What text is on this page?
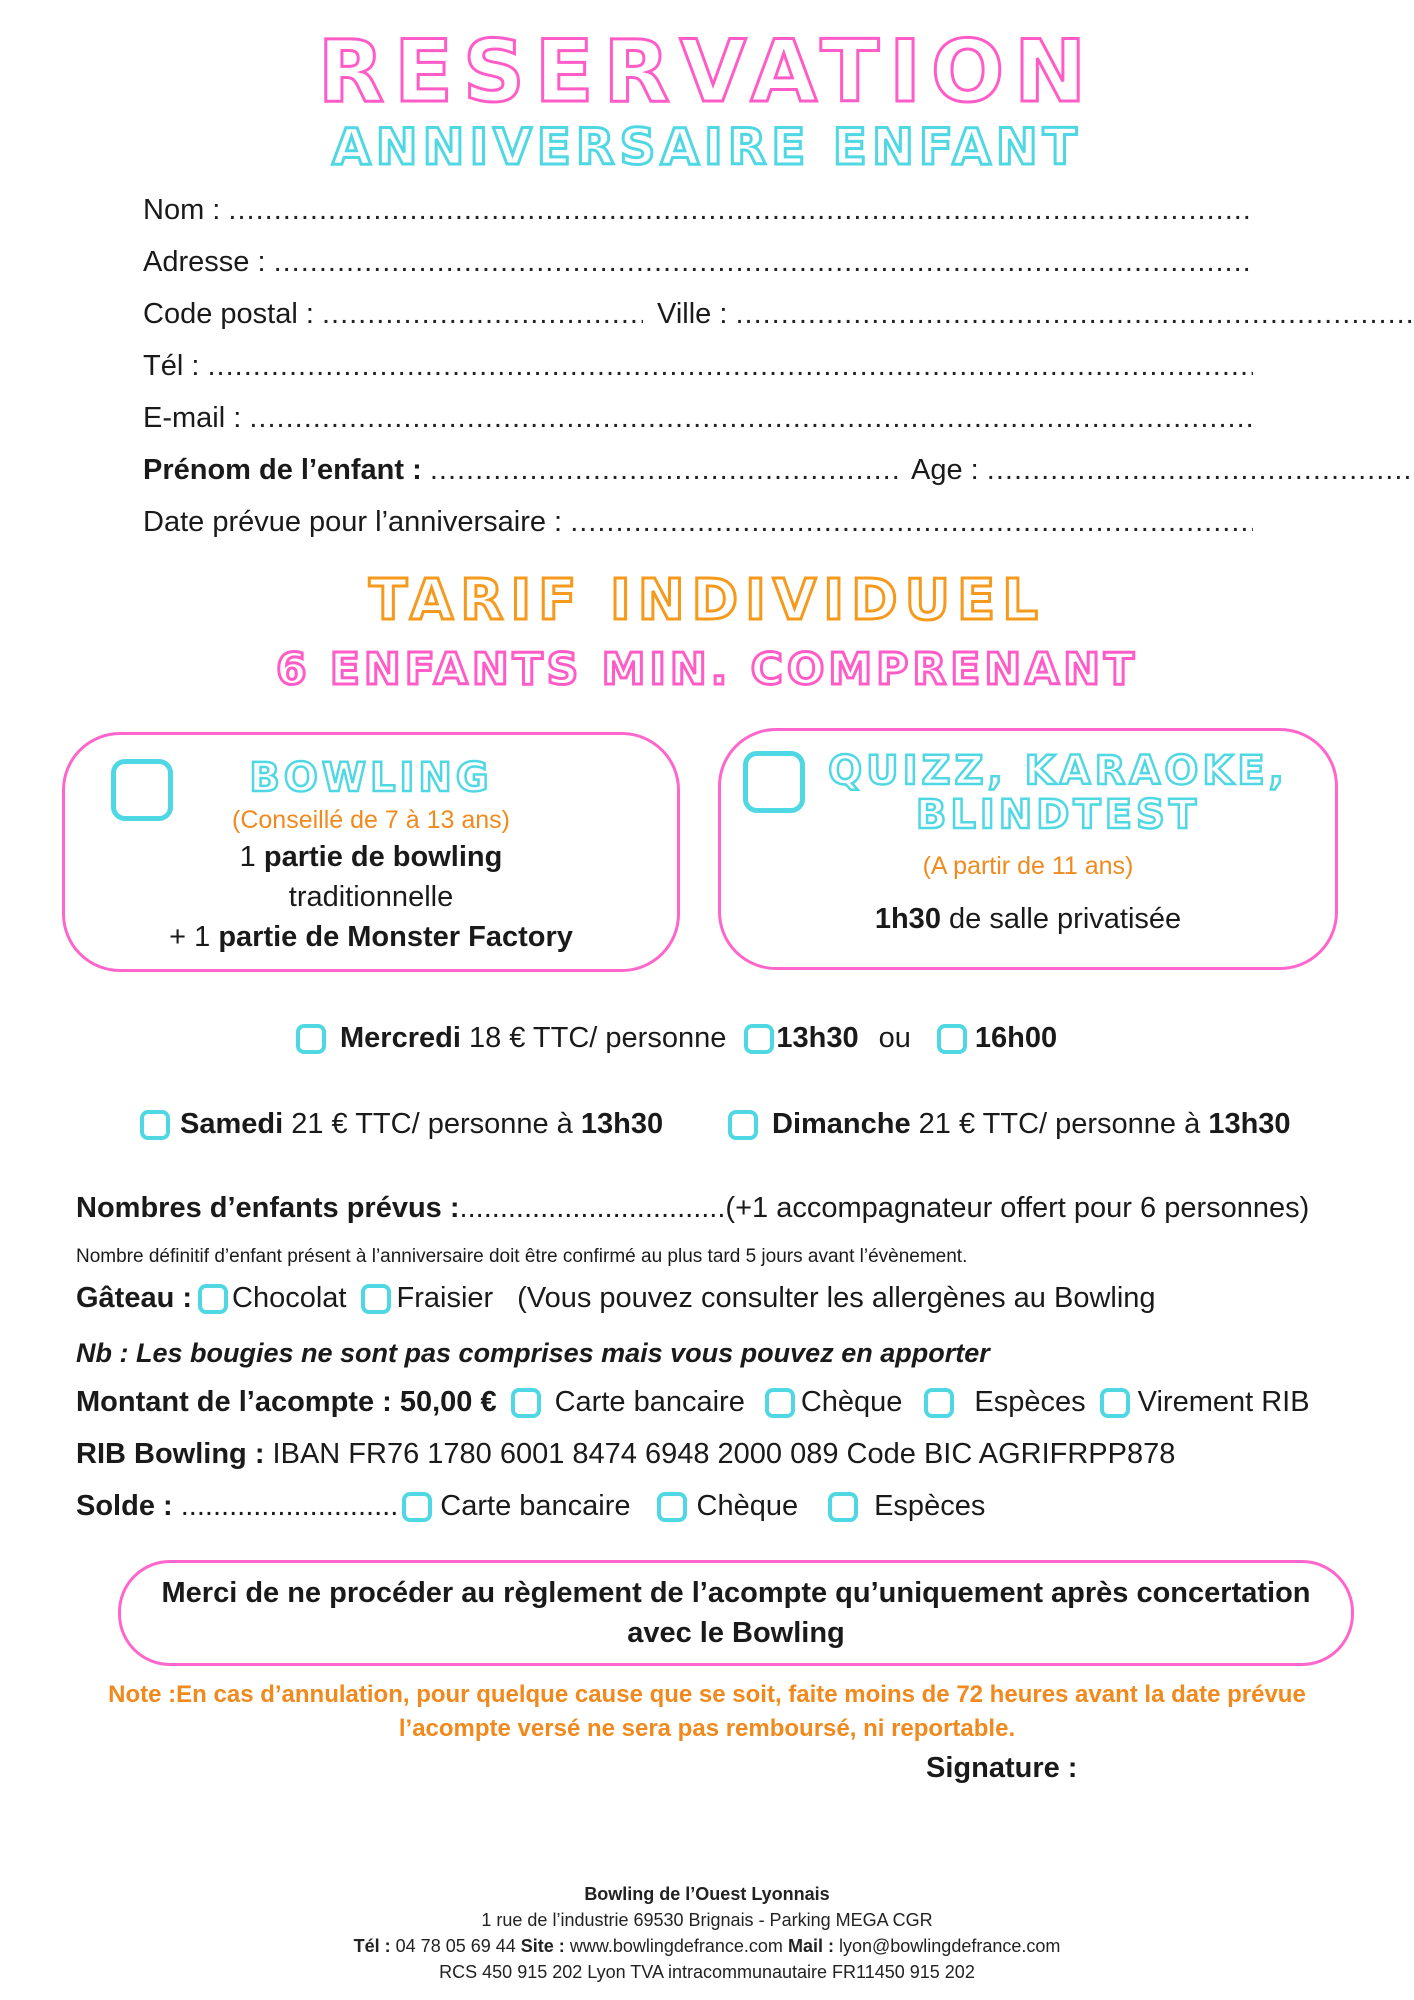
RESERVATION
ANNIVERSAIRE ENFANT
Nom :

.....
Adresse :

.....
Code postal :
.....	Ville :

.....
Tél :

.....
E-mail :

.....
Prénom de l’enfant :
.....	Age :

.....
Date prévue pour l’anniversaire :

.....
TARIF INDIVIDUEL
6 ENFANTS MIN. COMPRENANT
BOWLING
(Conseillé de 7 à 13 ans)
1 partie de bowling
traditionnelle
+ 1 partie de Monster Factory
QUIZZ, KARAOKE,
BLINDTEST
(A partir de 11 ans)
1h30 de salle privatisée
Mercredi
18 € TTC/ personne 13h30 ou 16h00
Samedi
21 € TTC/ personne à
13h30	Dimanche
21 € TTC/ personne à
13h30
Nombres d’enfants prévus : ................................. (+1 accompagnateur offert pour 6 personnes)
Nombre définitif d’enfant présent à l’anniversaire doit être confirmé au plus tard 5 jours avant l’évènement.
Gâteau : Chocolat Fraisier (Vous pouvez consulter les allergènes au Bowling
Nb : Les bougies ne sont pas comprises mais vous pouvez en apporter
Montant de l’acompte : 50,00 € Carte bancaire Chèque Espèces Virement RIB
RIB Bowling :
IBAN FR76 1780 6001 8474 6948 2000 089 Code BIC AGRIFRPP878
Solde :
........................... Carte bancaire Chèque	Espèces
Merci de ne procéder au règlement de l’acompte qu’uniquement après concertation avec le Bowling
Note :En cas d’annulation, pour quelque cause que se soit, faite moins de 72 heures avant la date prévue l’acompte versé ne sera pas remboursé, ni reportable.
Signature :
Bowling de l’Ouest Lyonnais
1 rue de l’industrie 69530 Brignais - Parking MEGA CGR
Tél : 04 78 05 69 44 Site : www.bowlingdefrance.com Mail : lyon@bowlingdefrance.com
RCS 450 915 202 Lyon TVA intracommunautaire FR11450 915 202
